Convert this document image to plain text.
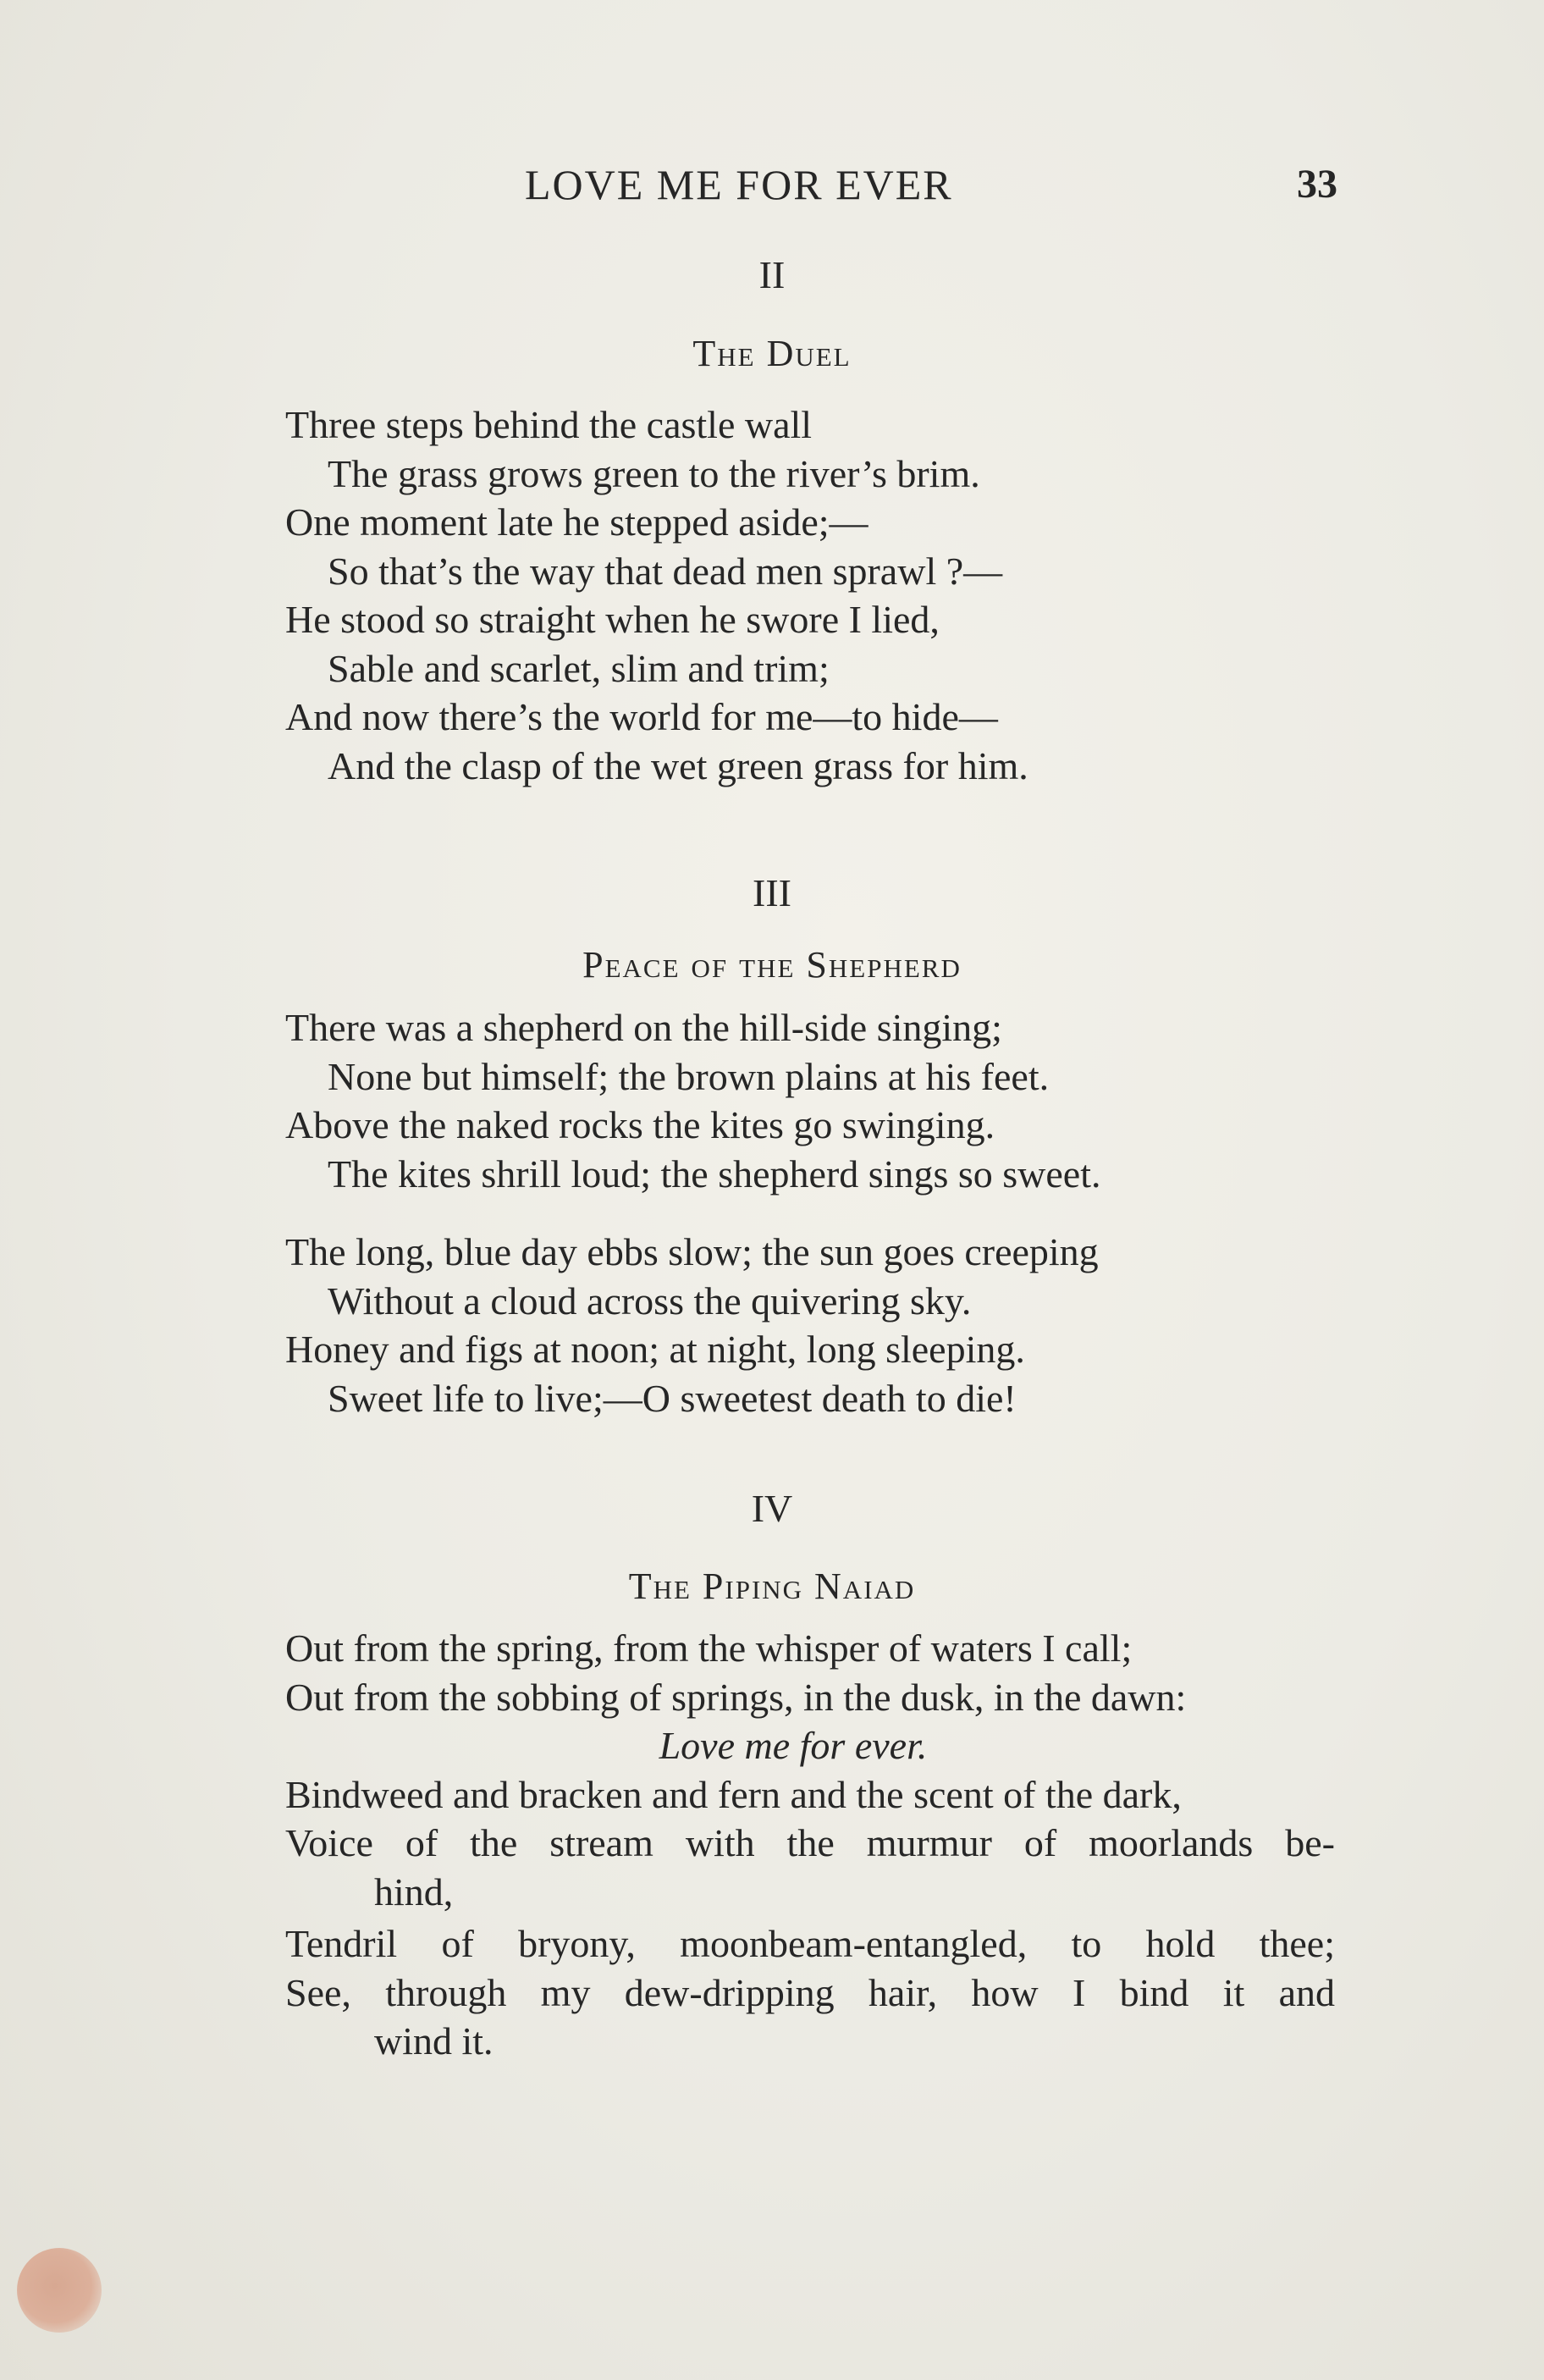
LOVE ME FOR EVER	33
II
The Duel
Three steps behind the castle wall
The grass grows green to the river’s brim.
One moment late he stepped aside;—
So that’s the way that dead men sprawl ?—
He stood so straight when he swore I lied,
Sable and scarlet, slim and trim;
And now there’s the world for me—to hide—
And the clasp of the wet green grass for him.
III
Peace of the Shepherd
There was a shepherd on the hill-side singing;
None but himself; the brown plains at his feet.
Above the naked rocks the kites go swinging.
The kites shrill loud; the shepherd sings so sweet.
The long, blue day ebbs slow; the sun goes creeping
Without a cloud across the quivering sky.
Honey and figs at noon; at night, long sleeping.
Sweet life to live;—O sweetest death to die!
IV
The Piping Naiad
Out from the spring, from the whisper of waters I call;
Out from the sobbing of springs, in the dusk, in the dawn:
Love me for ever.
Bindweed and bracken and fern and the scent of the dark,
Voice of the stream with the murmur of moorlands be-
hind,
Tendril of bryony, moonbeam-entangled, to hold thee;
See, through my dew-dripping hair, how I bind it and
wind it.
